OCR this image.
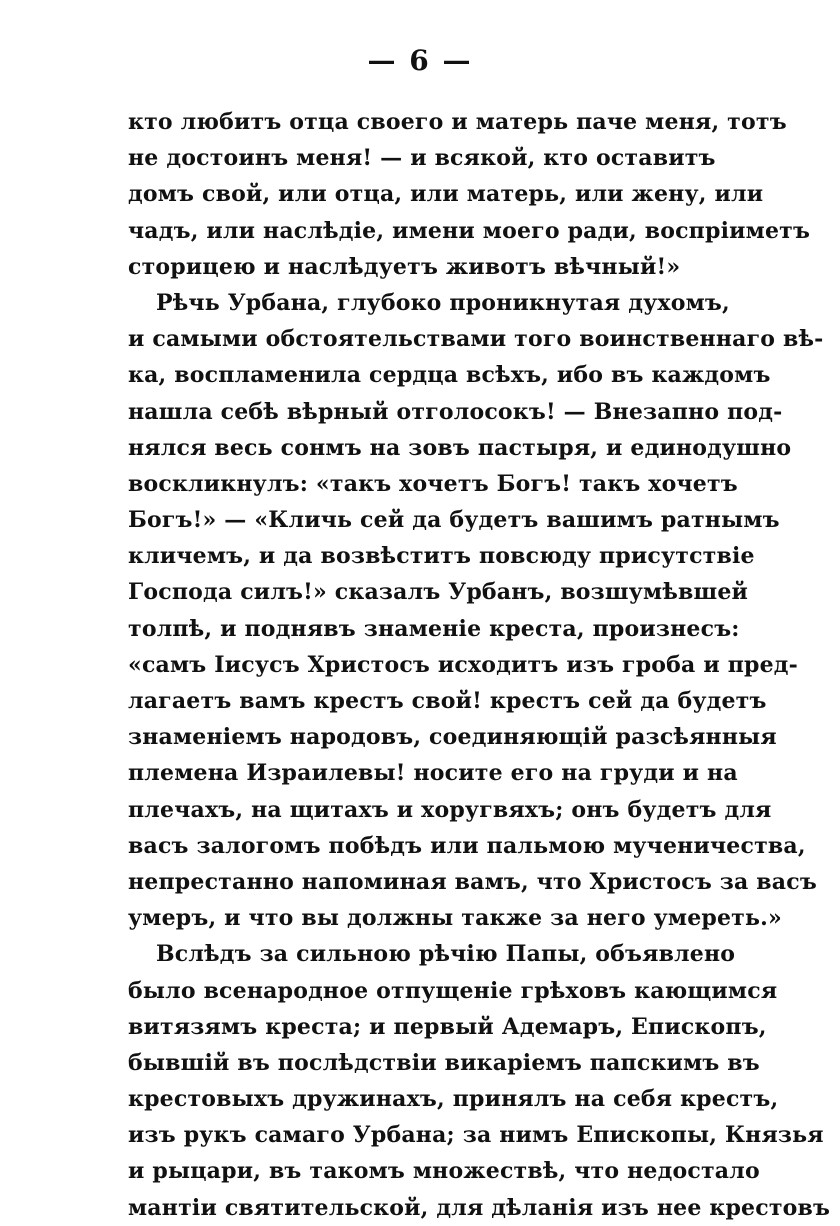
— 6 —
кто любитъ отца своего и матерь паче меня, тотъ
не достоинъ меня! — и всякой, кто оставитъ
домъ свой, или отца, или матерь, или жену, или
чадъ, или наслѣдіе, имени моего ради, воспріиметъ
сторицею и наслѣдуетъ животъ вѣчный!»
Рѣчь Урбана, глубоко проникнутая духомъ,
и самыми обстоятельствами того воинственнаго вѣ-
ка, воспламенила сердца всѣхъ, ибо въ каждомъ
нашла себѣ вѣрный отголосокъ! — Внезапно под-
нялся весь сонмъ на зовъ пастыря, и единодушно
воскликнулъ: «такъ хочетъ Богъ! такъ хочетъ
Богъ!» — «Кличь сей да будетъ вашимъ ратнымъ
кличемъ, и да возвѣститъ повсюду присутствіе
Господа силъ!» сказалъ Урбанъ, возшумѣвшей
толпѣ, и поднявъ знаменіе креста, произнесъ:
«самъ Іисусъ Христосъ исходитъ изъ гроба и пред-
лагаетъ вамъ крестъ свой! крестъ сей да будетъ
знаменіемъ народовъ, соединяющій разсѣянныя
племена Израилевы! носите его на груди и на
плечахъ, на щитахъ и хоругвяхъ; онъ будетъ для
васъ залогомъ побѣдъ или пальмою мученичества,
непрестанно напоминая вамъ, что Христосъ за васъ
умеръ, и что вы должны также за него умереть.»
Вслѣдъ за сильною рѣчію Папы, объявлено
было всенародное отпущеніе грѣховъ кающимся
витязямъ креста; и первый Адемаръ, Епископъ,
бывшій въ послѣдствіи викаріемъ папскимъ въ
крестовыхъ дружинахъ, принялъ на себя крестъ,
изъ рукъ самаго Урбана; за нимъ Епископы, Князья
и рыцари, въ такомъ множествѣ, что недостало
мантіи святительской, для дѣланія изъ нее крестовъ
